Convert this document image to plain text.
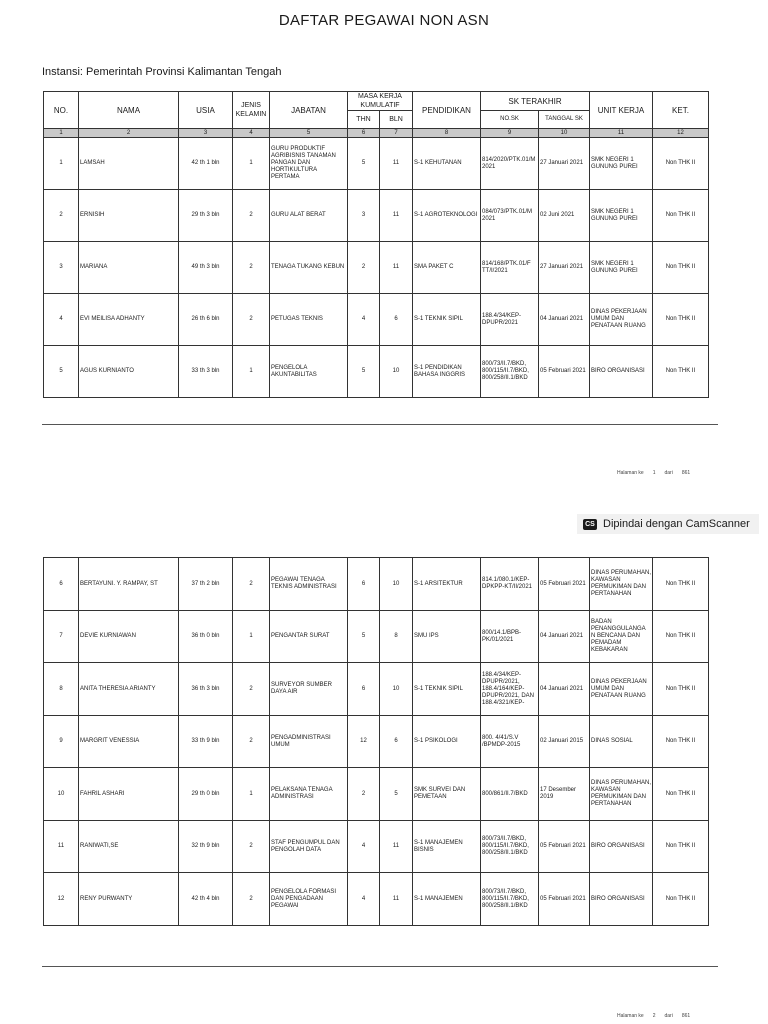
DAFTAR PEGAWAI NON ASN
Instansi: Pemerintah Provinsi Kalimantan Tengah
NO.	NAMA	USIA	JENIS KELAMIN	JABATAN	MASA KERJA KUMULATIF		PENDIDIKAN	SK TERAKHIR		UNIT KERJA	KET.
					THN	BLN		NO.SK	TANGGAL SK		
1	2	3	4	5	6	7	8	9	10	11	12
1	LAMSAH	42 th 1 bln	1	GURU PRODUKTIF AGRIBISNIS TANAMAN PANGAN DAN HORTIKULTURA PERTAMA	5	11	S-1 KEHUTANAN	814/2020/PTK.01/M 2021	27 Januari 2021	SMK NEGERI 1 GUNUNG PUREI	Non THK II
2	ERNISIH	29 th 3 bln	2	GURU ALAT BERAT	3	11	S-1 AGROTEKNOLOGI	084/073/PTK.01/M 2021	02 Juni 2021	SMK NEGERI 1 GUNUNG PUREI	Non THK II
3	MARIANA	49 th 3 bln	2	TENAGA TUKANG KEBUN	2	11	SMA PAKET C	814/168/PTK.01/F TT/I/2021	27 Januari 2021	SMK NEGERI 1 GUNUNG PUREI	Non THK II
4	EVI MEILISA ADHANTY	26 th 6 bln	2	PETUGAS TEKNIS	4	6	S-1 TEKNIK SIPIL	188.4/34/KEP-DPUPR/2021	04 Januari 2021	DINAS PEKERJAAN UMUM DAN PENATAAN RUANG	Non THK II
5	AGUS KURNIANTO	33 th 3 bln	1	PENGELOLA AKUNTABILITAS	5	10	S-1 PENDIDIKAN BAHASA INGGRIS	800/73/II.7/BKD, 800/115/II.7/BKD, 800/258/II.1/BKD	05 Februari 2021	BIRO ORGANISASI	Non THK II
Halaman ke 1 dari 861
CS Dipindai dengan CamScanner
6	BERTAYUNI. Y. RAMPAY, ST	37 th 2 bln	2	PEGAWAI TENAGA TEKNIS ADMINISTRASI	6	10	S-1 ARSITEKTUR	814.1/080.1/KEP-DPKPP-KT/II/2021	05 Februari 2021	DINAS PERUMAHAN, KAWASAN PERMUKIMAN DAN PERTANAHAN	Non THK II
7	DEVIE KURNIAWAN	36 th 0 bln	1	PENGANTAR SURAT	5	8	SMU IPS	800/14.1/BPB-PK/01/2021	04 Januari 2021	BADAN PENANGGULANGA N BENCANA DAN PEMADAM KEBAKARAN	Non THK II
8	ANITA THERESIA ARIANTY	36 th 3 bln	2	SURVEYOR SUMBER DAYA AIR	6	10	S-1 TEKNIK SIPIL	188.4/34/KEP-DPUPR/2021, 188.4/164/KEP-DPUPR/2021, DAN 188.4/321/KEP-	04 Januari 2021	DINAS PEKERJAAN UMUM DAN PENATAAN RUANG	Non THK II
9	MARGRIT VENESSIA	33 th 9 bln	2	PENGADMINISTRASI UMUM	12	6	S-1 PSIKOLOGI	800. 4/41/S.V /BPMDP-2015	02 Januari 2015	DINAS SOSIAL	Non THK II
10	FAHRIL ASHARI	29 th 0 bln	1	PELAKSANA TENAGA ADMINISTRASI	2	5	SMK SURVEI DAN PEMETAAN	800/861/II.7/BKD	17 Desember 2019	DINAS PERUMAHAN, KAWASAN PERMUKIMAN DAN PERTANAHAN	Non THK II
11	RANIWATI,SE	32 th 9 bln	2	STAF PENGUMPUL DAN PENGOLAH DATA	4	11	S-1 MANAJEMEN BISNIS	800/73/II.7/BKD, 800/115/II.7/BKD, 800/258/II.1/BKD	05 Februari 2021	BIRO ORGANISASI	Non THK II
12	RENY PURWANTY	42 th 4 bln	2	PENGELOLA FORMASI DAN PENGADAAN PEGAWAI	4	11	S-1 MANAJEMEN	800/73/II.7/BKD, 800/115/II.7/BKD, 800/258/II.1/BKD	05 Februari 2021	BIRO ORGANISASI	Non THK II
Halaman ke 2 dari 861
